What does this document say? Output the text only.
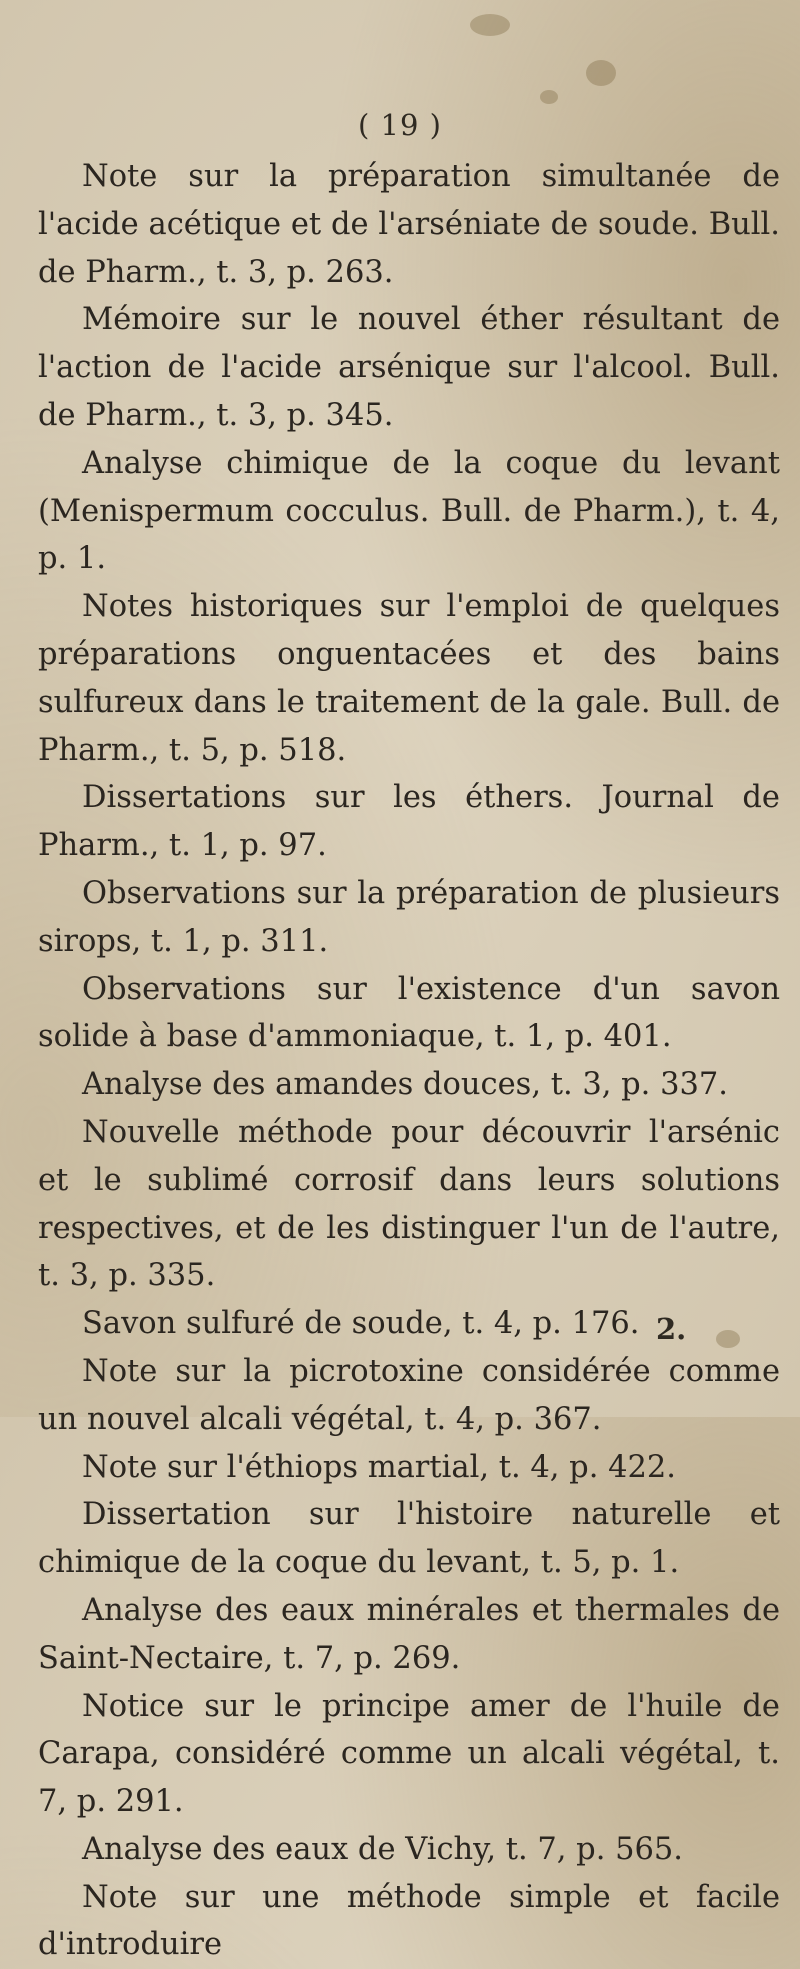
( 19 )

Note sur la préparation simultanée de l'acide acétique et de l'arséniate de soude. Bull. de Pharm., t. 3, p. 263.

Mémoire sur le nouvel éther résultant de l'action de l'acide arsénique sur l'alcool. Bull. de Pharm., t. 3, p. 345.

Analyse chimique de la coque du levant (Menispermum cocculus. Bull. de Pharm.), t. 4, p. 1.

Notes historiques sur l'emploi de quelques préparations onguentacées et des bains sulfureux dans le traitement de la gale. Bull. de Pharm., t. 5, p. 518.

Dissertations sur les éthers. Journal de Pharm., t. 1, p. 97.

Observations sur la préparation de plusieurs sirops, t. 1, p. 311.

Observations sur l'existence d'un savon solide à base d'ammoniaque, t. 1, p. 401.

Analyse des amandes douces, t. 3, p. 337.

Nouvelle méthode pour découvrir l'arsénic et le sublimé corrosif dans leurs solutions respectives, et de les distinguer l'un de l'autre, t. 3, p. 335.

Savon sulfuré de soude, t. 4, p. 176.

Note sur la picrotoxine considérée comme un nouvel alcali végétal, t. 4, p. 367.

Note sur l'éthiops martial, t. 4, p. 422.

Dissertation sur l'histoire naturelle et chimique de la coque du levant, t. 5, p. 1.

Analyse des eaux minérales et thermales de Saint-Nectaire, t. 7, p. 269.

Notice sur le principe amer de l'huile de Carapa, considéré comme un alcali végétal, t. 7, p. 291.

Analyse des eaux de Vichy, t. 7, p. 565.

Note sur une méthode simple et facile d'introduire

2.
